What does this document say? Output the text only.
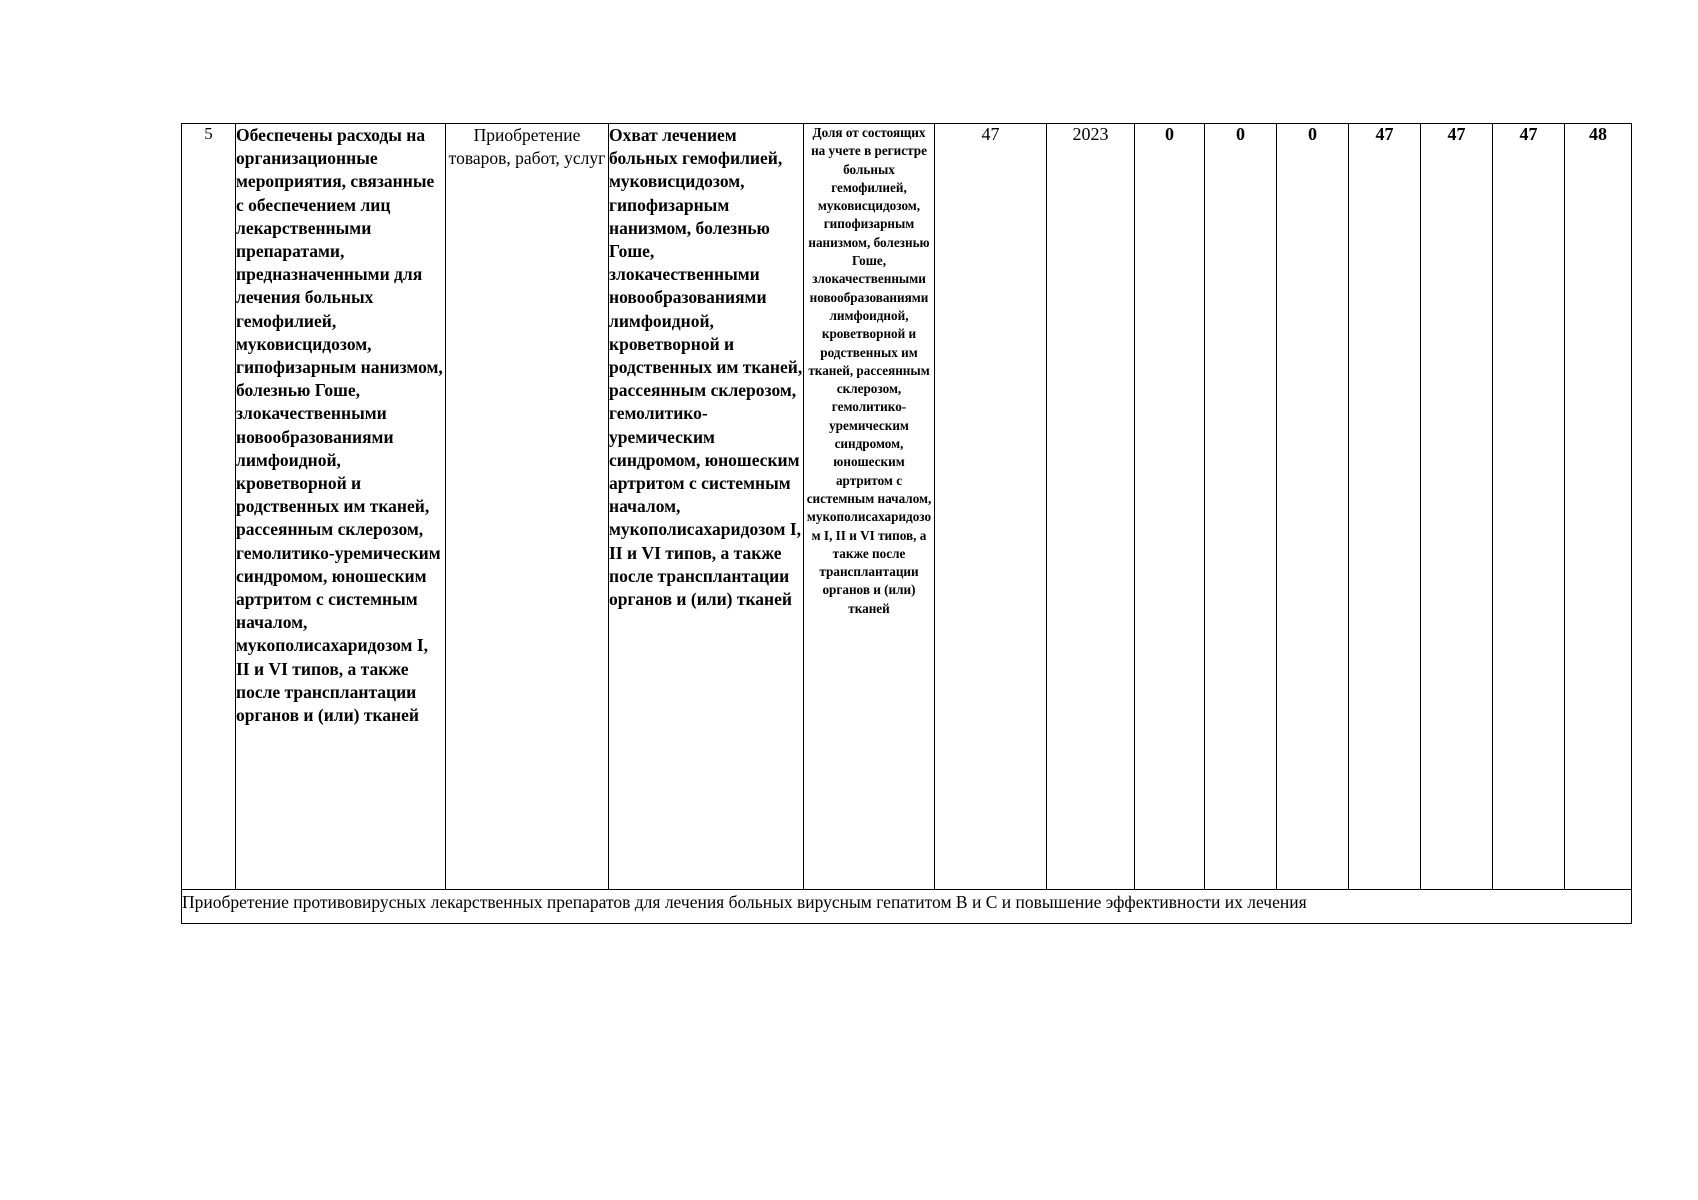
5	Обеспечены расходы на организационные мероприятия, связанные с обеспечением лиц лекарственными препаратами, предназначенными для лечения больных гемофилией, муковисцидозом, гипофизарным нанизмом, болезнью Гоше, злокачественными новообразованиями лимфоидной, кроветворной и родственных им тканей, рассеянным склерозом, гемолитико-уремическим синдромом, юношеским артритом с системным началом, мукополисахаридозом I, II и VI типов, а также после трансплантации органов и (или) тканей	Приобретение товаров, работ, услуг	Охват лечением больных гемофилией, муковисцидозом, гипофизарным нанизмом, болезнью Гоше, злокачественными новообразованиями лимфоидной, кроветворной и родственных им тканей, рассеянным склерозом, гемолитико-уремическим синдромом, юношеским артритом с системным началом, мукополисахаридозом I, II и VI типов, а также после трансплантации органов и (или) тканей	Доля от состоящих на учете в регистре больных гемофилией, муковисцидозом, гипофизарным нанизмом, болезнью Гоше, злокачественными новообразованиями лимфоидной, кроветворной и родственных им тканей, рассеянным склерозом, гемолитико-уремическим синдромом, юношеским артритом с системным началом, мукополисахаридозом I, II и VI типов, а также после трансплантации органов и (или) тканей	47	2023	0	0	0	47	47	47	48
Приобретение противовирусных лекарственных препаратов для лечения больных вирусным гепатитом В и С и повышение эффективности их лечения
